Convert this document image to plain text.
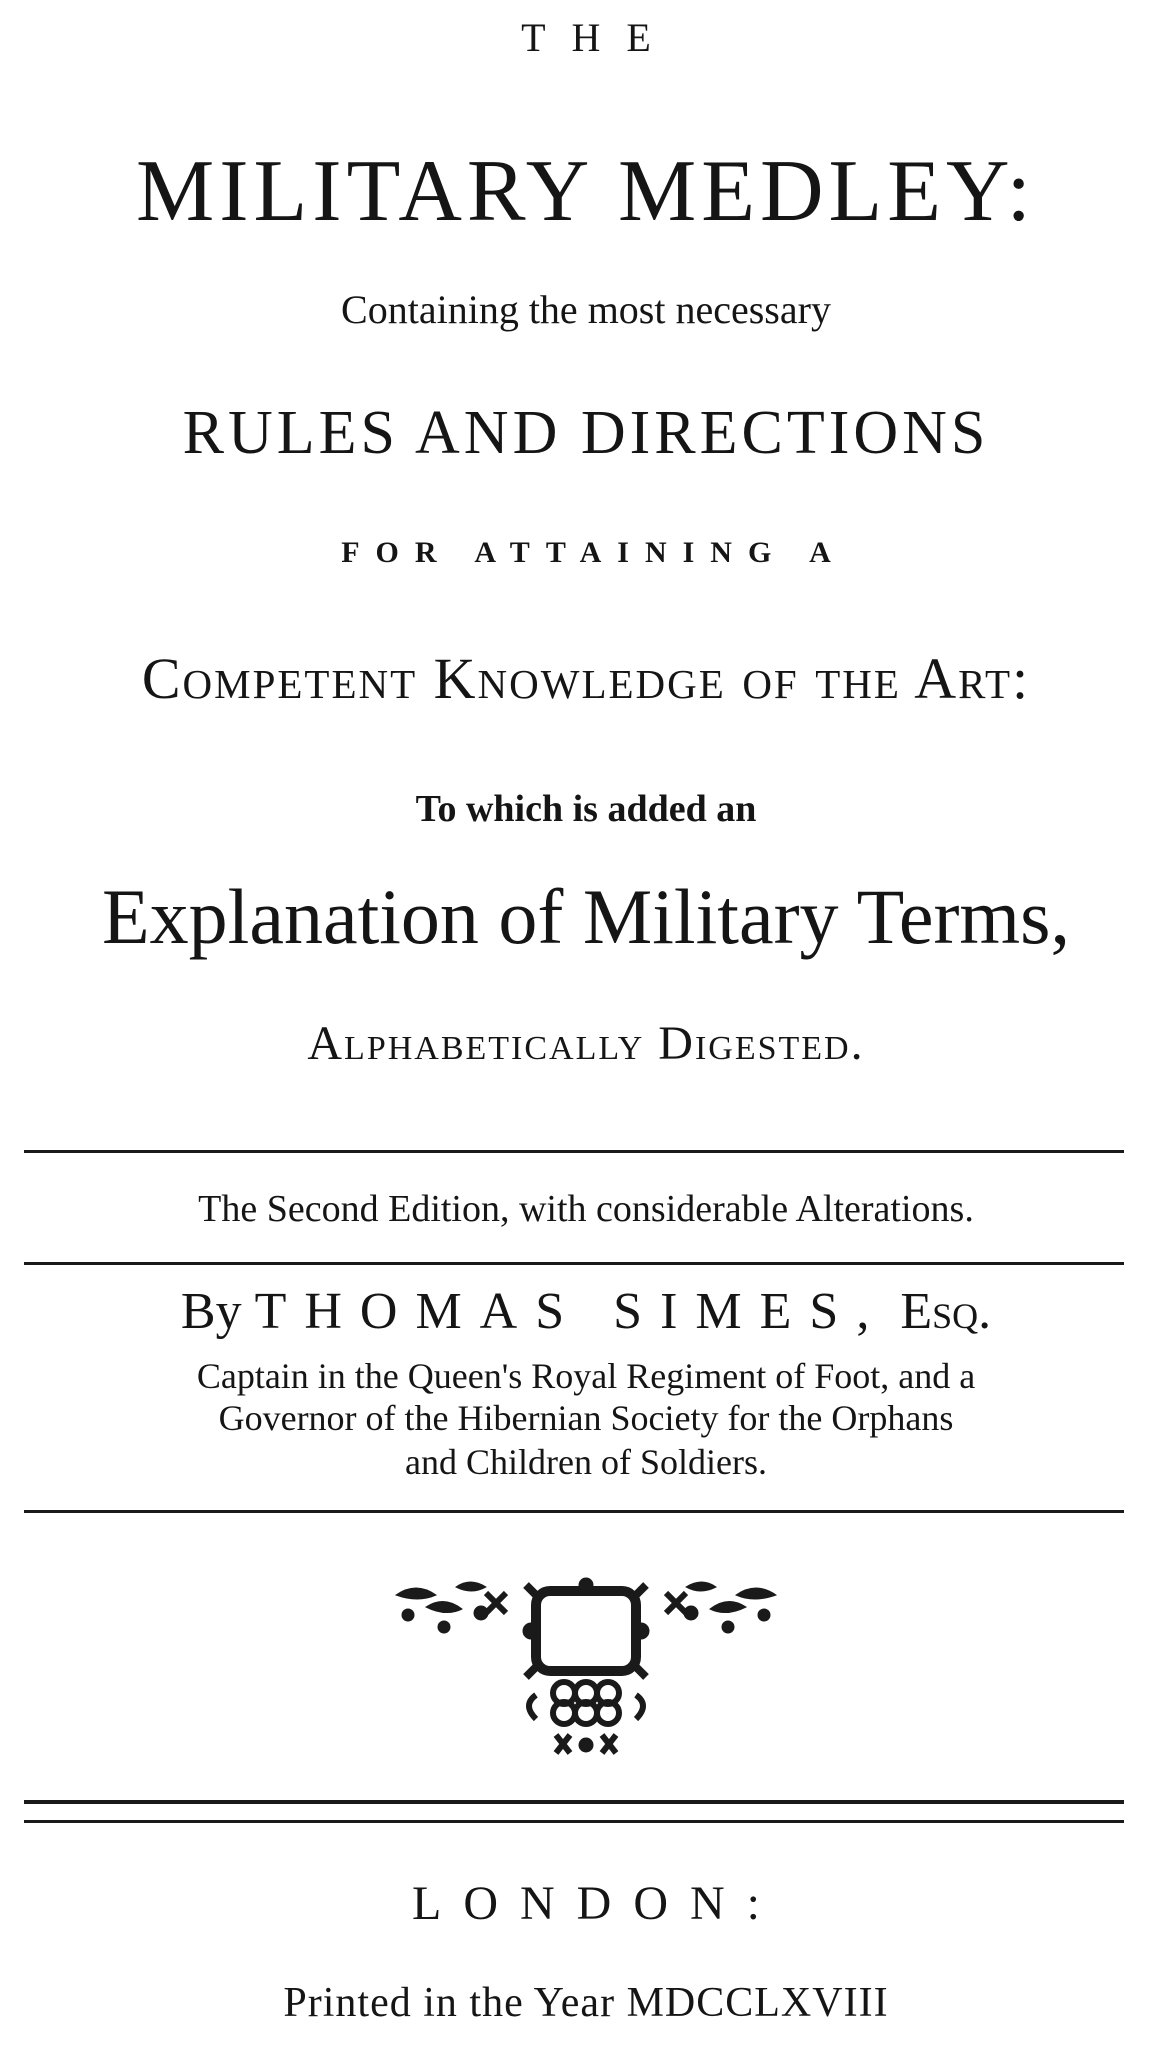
THE
MILITARY MEDLEY:
Containing the most necessary
RULES AND DIRECTIONS
FOR ATTAINING A
Competent Knowledge of the Art:
To which is added an
Explanation of Military Terms,
Alphabetically Digested.
The Second Edition, with considerable Alterations.
By THOMAS SIMES, Esq.
Captain in the Queen's Royal Regiment of Foot, and a
Governor of the Hibernian Society for the Orphans
and Children of Soldiers.
LONDON:
Printed in the Year MDCCLXVIII
